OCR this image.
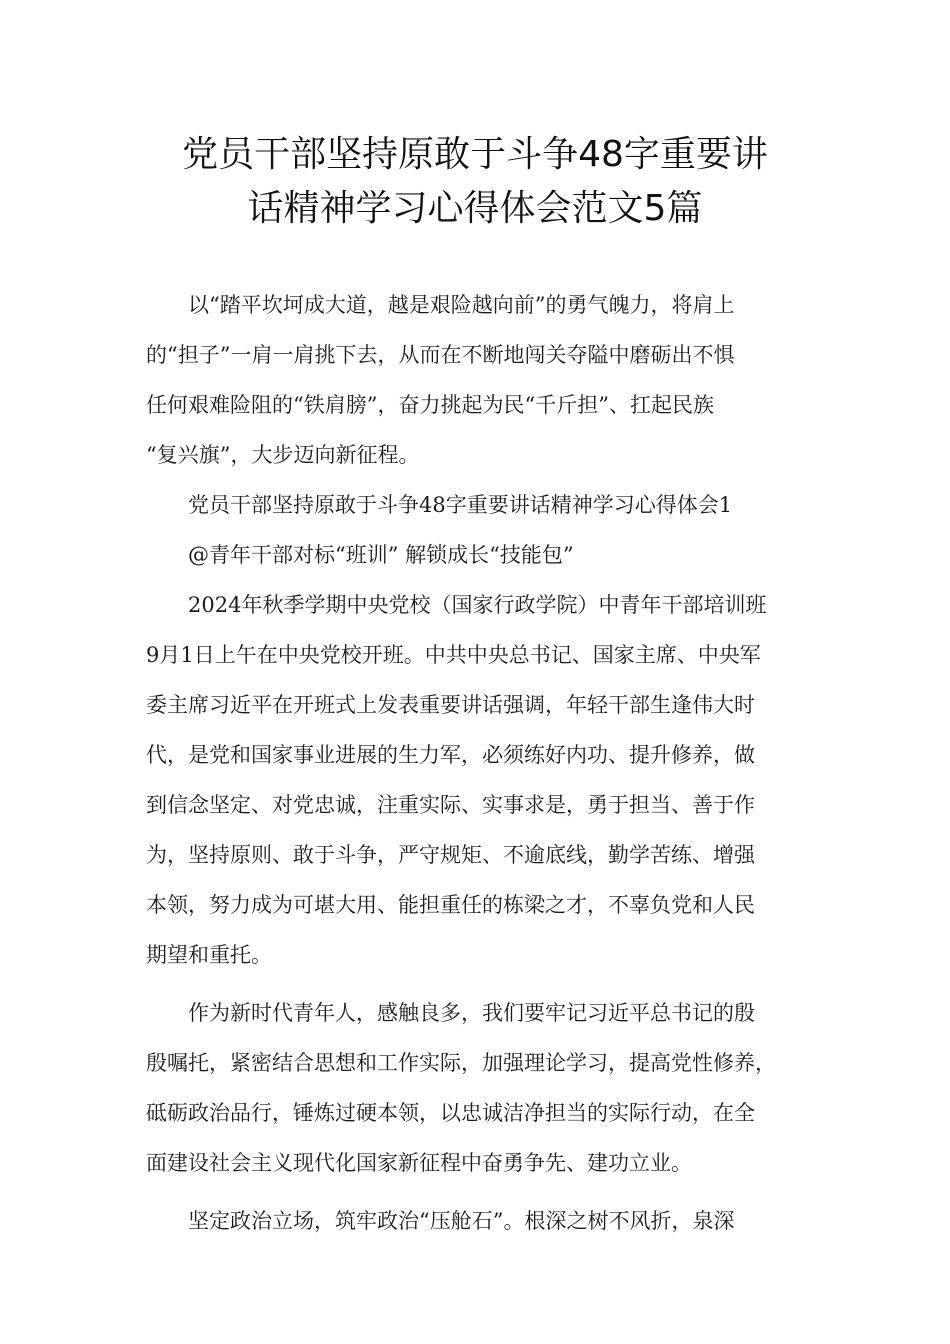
党员干部坚持原敢于斗争48字重要讲
话精神学习心得体会范文5篇

以“踏平坎坷成大道，越是艰险越向前”的勇气魄力，将肩上
的“担子”一肩一肩挑下去，从而在不断地闯关夺隘中磨砺出不惧
任何艰难险阻的“铁肩膀”，奋力挑起为民“千斤担”、扛起民族
“复兴旗”，大步迈向新征程。

党员干部坚持原敢于斗争48字重要讲话精神学习心得体会1

@青年干部对标“班训” 解锁成长“技能包”

2024年秋季学期中央党校（国家行政学院）中青年干部培训班
9月1日上午在中央党校开班。中共中央总书记、国家主席、中央军
委主席习近平在开班式上发表重要讲话强调，年轻干部生逢伟大时
代，是党和国家事业进展的生力军，必须练好内功、提升修养，做
到信念坚定、对党忠诚，注重实际、实事求是，勇于担当、善于作
为，坚持原则、敢于斗争，严守规矩、不逾底线，勤学苦练、增强
本领，努力成为可堪大用、能担重任的栋梁之才，不辜负党和人民
期望和重托。

作为新时代青年人，感触良多，我们要牢记习近平总书记的殷
殷嘱托，紧密结合思想和工作实际，加强理论学习，提高党性修养，
砥砺政治品行，锤炼过硬本领，以忠诚洁净担当的实际行动，在全
面建设社会主义现代化国家新征程中奋勇争先、建功立业。

坚定政治立场，筑牢政治“压舱石”。根深之树不风折，泉深
